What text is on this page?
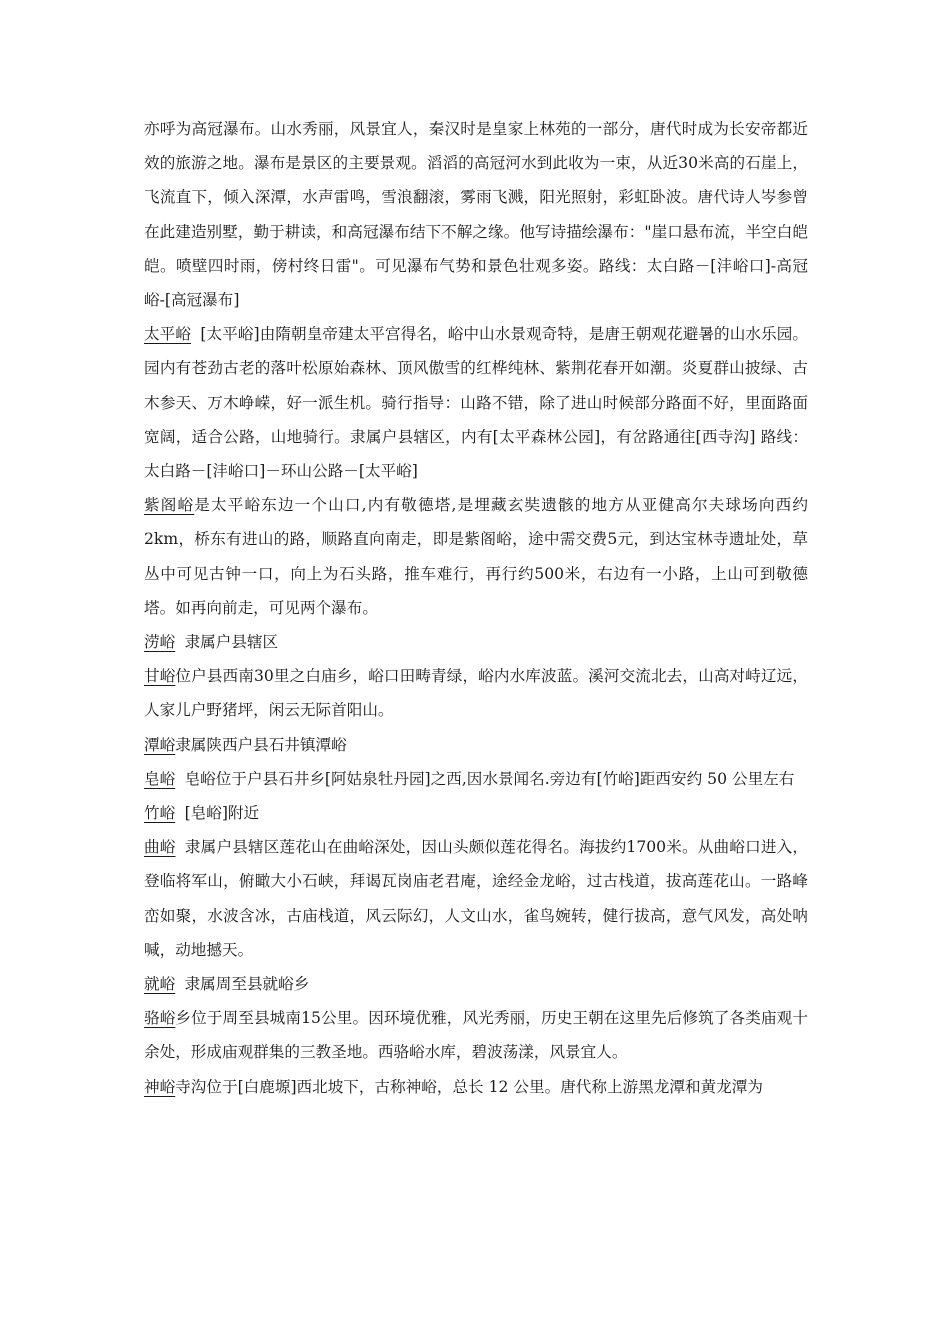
亦呼为高冠瀑布。山水秀丽，风景宜人，秦汉时是皇家上林苑的一部分，唐代时成为长安帝都近效的旅游之地。瀑布是景区的主要景观。滔滔的高冠河水到此收为一束，从近30米高的石崖上，飞流直下，倾入深潭，水声雷鸣，雪浪翻滚，雾雨飞溅，阳光照射，彩虹卧波。唐代诗人岑参曾在此建造别墅，勤于耕读，和高冠瀑布结下不解之缘。他写诗描绘瀑布："崖口悬布流，半空白皑皑。喷壁四时雨，傍村终日雷"。可见瀑布气势和景色壮观多姿。路线：太白路－[沣峪口]-高冠峪-[高冠瀑布]

太平峪 [太平峪]由隋朝皇帝建太平宫得名，峪中山水景观奇特，是唐王朝观花避暑的山水乐园。园内有苍劲古老的落叶松原始森林、顶风傲雪的红桦纯林、紫荆花春开如潮。炎夏群山披绿、古木参天、万木峥嵘，好一派生机。骑行指导：山路不错，除了进山时候部分路面不好，里面路面宽阔，适合公路，山地骑行。隶属户县辖区，内有[太平森林公园]，有岔路通往[西寺沟] 路线：太白路－[沣峪口]－环山公路－[太平峪]

紫阁峪是太平峪东边一个山口,内有敬德塔,是埋藏玄奘遗骸的地方从亚健高尔夫球场向西约2km，桥东有进山的路，顺路直向南走，即是紫阁峪，途中需交费5元，到达宝林寺遗址处，草丛中可见古钟一口，向上为石头路，推车难行，再行约500米，右边有一小路，上山可到敬德塔。如再向前走，可见两个瀑布。

涝峪 隶属户县辖区

甘峪位户县西南30里之白庙乡，峪口田畴青绿，峪内水库波蓝。溪河交流北去，山高对峙辽远，人家儿户野猪坪，闲云无际首阳山。

潭峪隶属陕西户县石井镇潭峪

皂峪 皂峪位于户县石井乡[阿姑泉牡丹园]之西,因水景闻名.旁边有[竹峪]距西安约 50 公里左右

竹峪 [皂峪]附近

曲峪 隶属户县辖区莲花山在曲峪深处，因山头颇似莲花得名。海拔约1700米。从曲峪口进入，登临将军山，俯瞰大小石峡，拜谒瓦岗庙老君庵，途经金龙峪，过古栈道，拔高莲花山。一路峰峦如聚，水波含冰，古庙栈道，风云际幻，人文山水，雀鸟婉转，健行拔高，意气风发，高处呐喊，动地撼天。

就峪 隶属周至县就峪乡

骆峪乡位于周至县城南15公里。因环境优雅，风光秀丽，历史王朝在这里先后修筑了各类庙观十余处，形成庙观群集的三教圣地。西骆峪水库，碧波荡漾，风景宜人。

神峪寺沟位于[白鹿塬]西北坡下，古称神峪，总长 12 公里。唐代称上游黑龙潭和黄龙潭为
